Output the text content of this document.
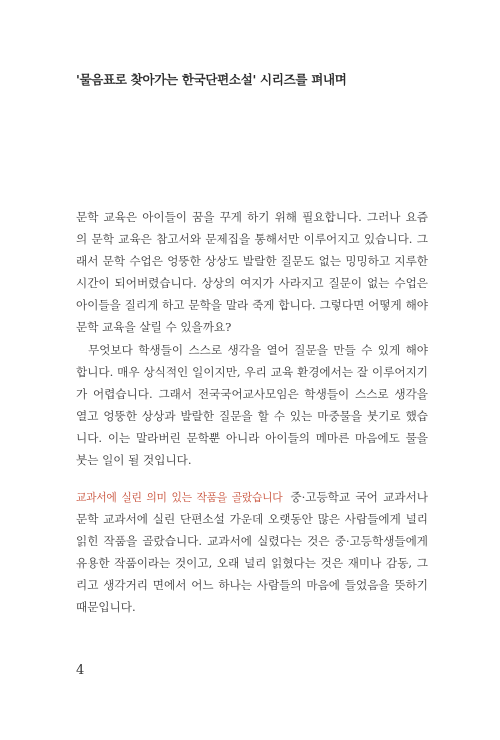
'물음표로 찾아가는 한국단편소설' 시리즈를 펴내며
문학 교육은 아이들이 꿈을 꾸게 하기 위해 필요합니다. 그러나 요즘
의 문학 교육은 참고서와 문제집을 통해서만 이루어지고 있습니다. 그
래서 문학 수업은 엉뚱한 상상도 발랄한 질문도 없는 밍밍하고 지루한
시간이 되어버렸습니다. 상상의 여지가 사라지고 질문이 없는 수업은
아이들을 질리게 하고 문학을 말라 죽게 합니다. 그렇다면 어떻게 해야
문학 교육을 살릴 수 있을까요?
무엇보다 학생들이 스스로 생각을 열어 질문을 만들 수 있게 해야
합니다. 매우 상식적인 일이지만, 우리 교육 환경에서는 잘 이루어지기
가 어렵습니다. 그래서 전국국어교사모임은 학생들이 스스로 생각을
열고 엉뚱한 상상과 발랄한 질문을 할 수 있는 마중물을 붓기로 했습
니다. 이는 말라버린 문학뿐 아니라 아이들의 메마른 마음에도 물을
붓는 일이 될 것입니다.
교과서에 실린 의미 있는 작품을 골랐습니다 중·고등학교 국어 교과서나
문학 교과서에 실린 단편소설 가운데 오랫동안 많은 사람들에게 널리
읽힌 작품을 골랐습니다. 교과서에 실렸다는 것은 중·고등학생들에게
유용한 작품이라는 것이고, 오래 널리 읽혔다는 것은 재미나 감동, 그
리고 생각거리 면에서 어느 하나는 사람들의 마음에 들었음을 뜻하기
때문입니다.
4
